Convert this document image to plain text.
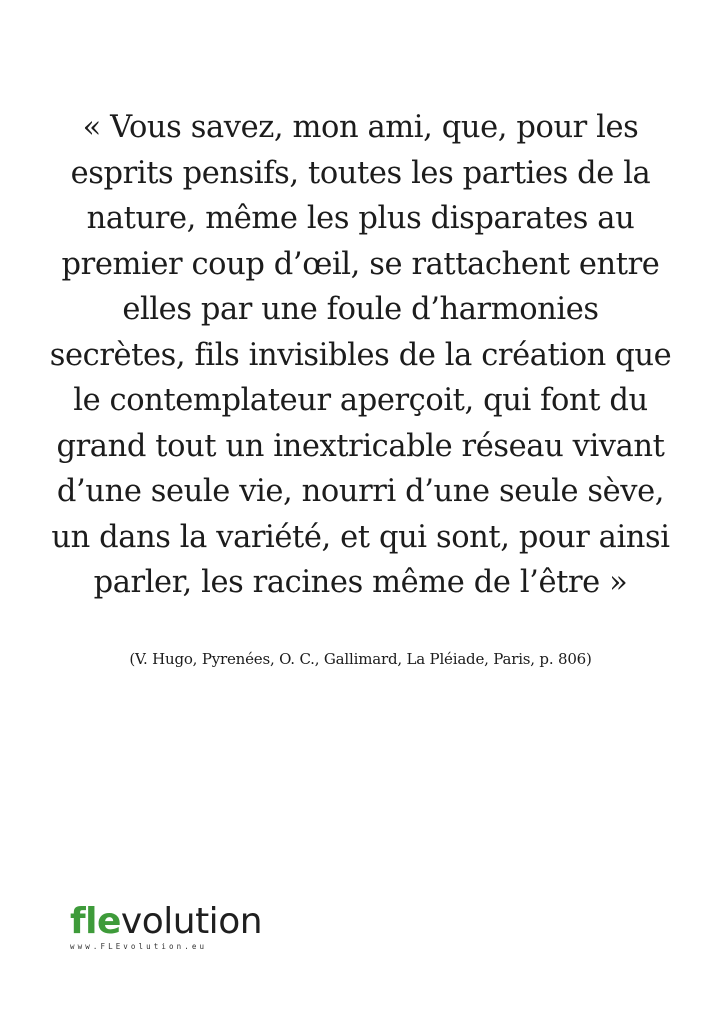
« Vous savez, mon ami, que, pour les
esprits pensifs, toutes les parties de la
nature, même les plus disparates au
premier coup d’œil, se rattachent entre
elles par une foule d’harmonies
secrètes, fils invisibles de la création que
le contemplateur aperçoit, qui font du
grand tout un inextricable réseau vivant
d’une seule vie, nourri d’une seule sève,
un dans la variété, et qui sont, pour ainsi
parler, les racines même de l’être »

(V. Hugo, Pyrenées, O. C., Gallimard, La Pléiade, Paris, p. 806)

flevolution
www.FLEvolution.eu
